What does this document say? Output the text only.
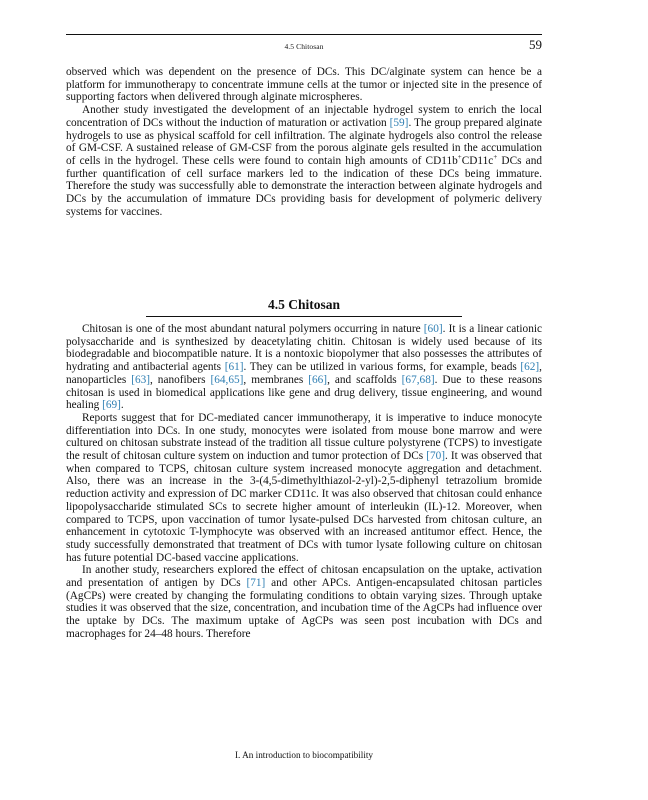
4.5 Chitosan	59

observed which was dependent on the presence of DCs. This DC/alginate system can hence be a platform for immunotherapy to concentrate immune cells at the tumor or injected site in the presence of supporting factors when delivered through alginate microspheres.

Another study investigated the development of an injectable hydrogel system to enrich the local concentration of DCs without the induction of maturation or activation [59]. The group prepared alginate hydrogels to use as physical scaffold for cell infiltration. The alginate hydrogels also control the release of GM-CSF. A sustained release of GM-CSF from the porous alginate gels resulted in the accumulation of cells in the hydrogel. These cells were found to contain high amounts of CD11b+CD11c+ DCs and further quantification of cell surface markers led to the indication of these DCs being immature. Therefore the study was successfully able to demonstrate the interaction between alginate hydrogels and DCs by the accumulation of immature DCs providing basis for development of polymeric delivery systems for vaccines.

4.5 Chitosan

Chitosan is one of the most abundant natural polymers occurring in nature [60]. It is a linear cationic polysaccharide and is synthesized by deacetylating chitin. Chitosan is widely used because of its biodegradable and biocompatible nature. It is a nontoxic biopolymer that also possesses the attributes of hydrating and antibacterial agents [61]. They can be utilized in various forms, for example, beads [62], nanoparticles [63], nanofibers [64,65], membranes [66], and scaffolds [67,68]. Due to these reasons chitosan is used in biomedical applications like gene and drug delivery, tissue engineering, and wound healing [69].

Reports suggest that for DC-mediated cancer immunotherapy, it is imperative to induce monocyte differentiation into DCs. In one study, monocytes were isolated from mouse bone marrow and were cultured on chitosan substrate instead of the tradition all tissue culture polystyrene (TCPS) to investigate the result of chitosan culture system on induction and tumor protection of DCs [70]. It was observed that when compared to TCPS, chitosan culture system increased monocyte aggregation and detachment. Also, there was an increase in the 3-(4,5-dimethylthiazol-2-yl)-2,5-diphenyl tetrazolium bromide reduction activity and expression of DC marker CD11c. It was also observed that chitosan could enhance lipopolysaccharide stimulated SCs to secrete higher amount of interleukin (IL)-12. Moreover, when compared to TCPS, upon vaccination of tumor lysate-pulsed DCs harvested from chitosan culture, an enhancement in cytotoxic T-lymphocyte was observed with an increased antitumor effect. Hence, the study successfully demonstrated that treatment of DCs with tumor lysate following culture on chitosan has future potential DC-based vaccine applications.

In another study, researchers explored the effect of chitosan encapsulation on the uptake, activation and presentation of antigen by DCs [71] and other APCs. Antigen-encapsulated chitosan particles (AgCPs) were created by changing the formulating conditions to obtain varying sizes. Through uptake studies it was observed that the size, concentration, and incubation time of the AgCPs had influence over the uptake by DCs. The maximum uptake of AgCPs was seen post incubation with DCs and macrophages for 24–48 hours. Therefore

I. An introduction to biocompatibility
